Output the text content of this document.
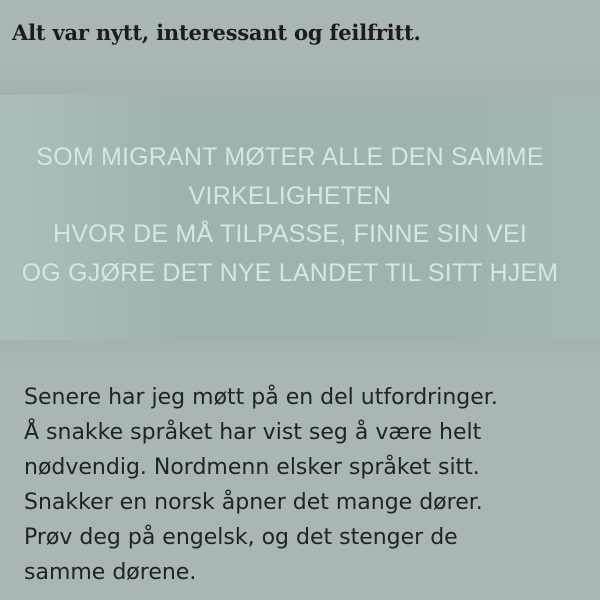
Alt var nytt, interessant og feilfritt.
SOM MIGRANT MØTER ALLE DEN SAMME
VIRKELIGHETEN
HVOR DE MÅ TILPASSE, FINNE SIN VEI
OG GJØRE DET NYE LANDET TIL SITT HJEM
Senere har jeg møtt på en del utfordringer.
Å snakke språket har vist seg å være helt
nødvendig. Nordmenn elsker språket sitt.
Snakker en norsk åpner det mange dører.
Prøv deg på engelsk, og det stenger de
samme dørene.
